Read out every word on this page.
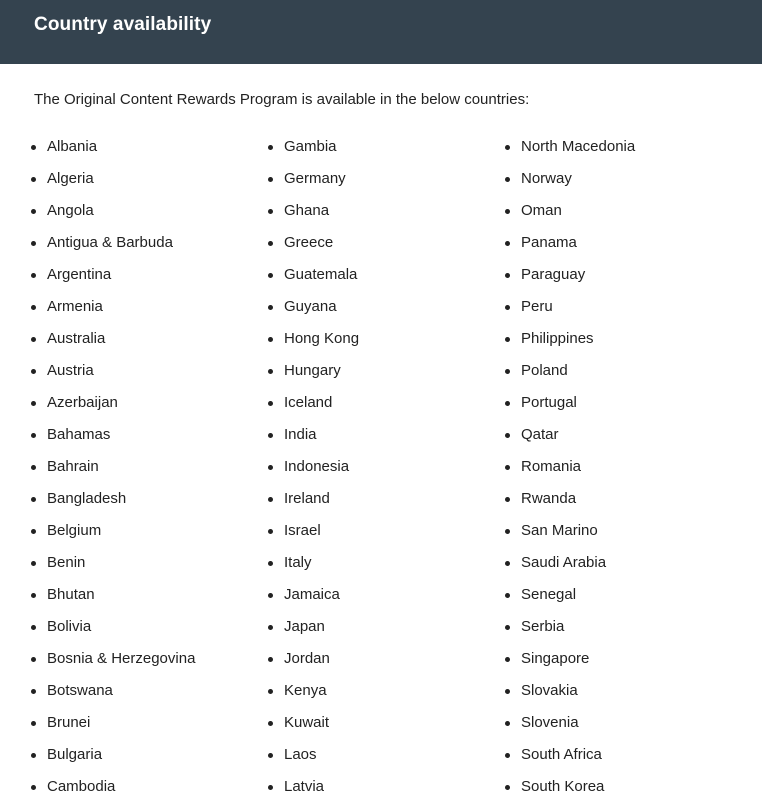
Country availability

The Original Content Rewards Program is available in the below countries:

Albania
Algeria
Angola
Antigua & Barbuda
Argentina
Armenia
Australia
Austria
Azerbaijan
Bahamas
Bahrain
Bangladesh
Belgium
Benin
Bhutan
Bolivia
Bosnia & Herzegovina
Botswana
Brunei
Bulgaria
Cambodia
Gambia
Germany
Ghana
Greece
Guatemala
Guyana
Hong Kong
Hungary
Iceland
India
Indonesia
Ireland
Israel
Italy
Jamaica
Japan
Jordan
Kenya
Kuwait
Laos
Latvia
North Macedonia
Norway
Oman
Panama
Paraguay
Peru
Philippines
Poland
Portugal
Qatar
Romania
Rwanda
San Marino
Saudi Arabia
Senegal
Serbia
Singapore
Slovakia
Slovenia
South Africa
South Korea
